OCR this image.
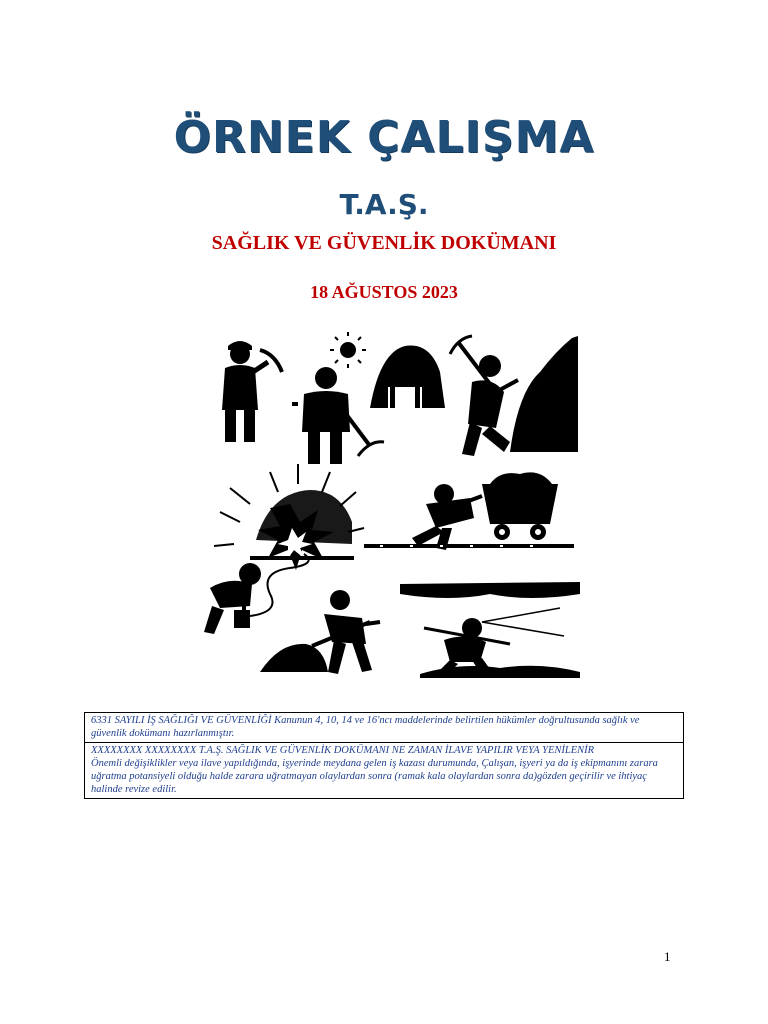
ÖRNEK ÇALIŞMA
T.A.Ş.
SAĞLIK VE GÜVENLİK DOKÜMANI
18 AĞUSTOS 2023

6331 SAYILI İŞ SAĞLIĞI VE GÜVENLİĞİ Kanunun 4, 10, 14 ve 16'ncı maddelerinde belirtilen hükümler doğrultusunda sağlık ve güvenlik dokümanı hazırlanmıştır.

XXXXXXXX XXXXXXXX T.A.Ş. SAĞLIK VE GÜVENLİK DOKÜMANI NE ZAMAN İLAVE YAPILIR VEYA YENİLENİR

Önemli değişiklikler veya ilave yapıldığında, işyerinde meydana gelen iş kazası durumunda, Çalışan, işyeri ya da iş ekipmanını zarara uğratma potansiyeli olduğu halde zarara uğratmayan olaylardan sonra (ramak kala olaylardan sonra da)gözden geçirilir ve ihtiyaç halinde revize edilir.

1
